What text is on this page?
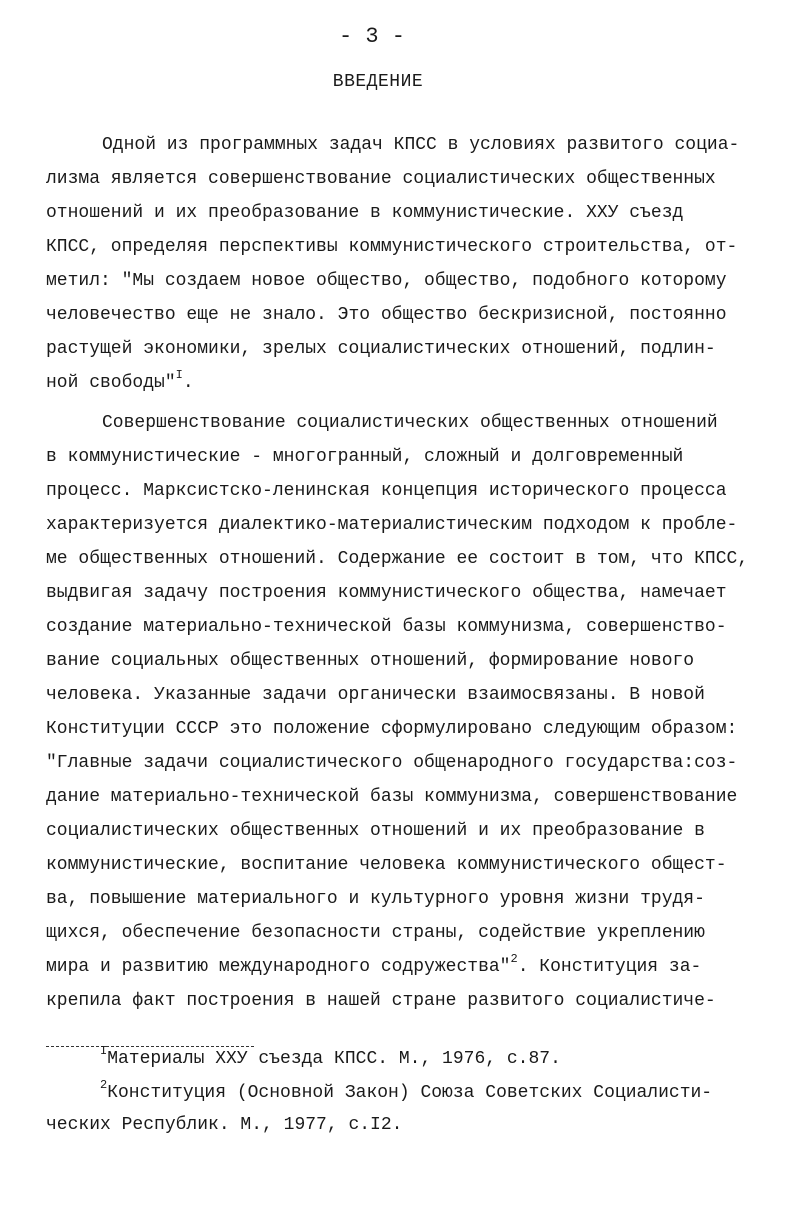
- 3 -
ВВЕДЕНИЕ
Одной из программных задач КПСС в условиях развитого социа-
лизма является совершенствование социалистических общественных
отношений и их преобразование в коммунистические. XXУ съезд
КПСС, определяя перспективы коммунистического строительства, от-
метил: "Мы создаем новое общество, общество, подобного которому
человечество еще не знало. Это общество бескризисной, постоянно
растущей экономики, зрелых социалистических отношений, подлин-
ной свободы"$^I$.
Совершенствование социалистических общественных отношений
в коммунистические - многогранный, сложный и долговременный
процесс. Марксистско-ленинская концепция исторического процесса
характеризуется диалектико-материалистическим подходом к пробле-
ме общественных отношений. Содержание ее состоит в том, что КПСС,
выдвигая задачу построения коммунистического общества, намечает
создание материально-технической базы коммунизма, совершенство-
вание социальных общественных отношений, формирование нового
человека. Указанные задачи органически взаимосвязаны. В новой
Конституции СССР это положение сформулировано следующим образом:
"Главные задачи социалистического общенародного государства:соз-
дание материально-технической базы коммунизма, совершенствование
социалистических общественных отношений и их преобразование в
коммунистические, воспитание человека коммунистического общест-
ва, повышение материального и культурного уровня жизни трудя-
щихся, обеспечение безопасности страны, содействие укреплению
мира и развитию международного содружества"$^2$. Конституция за-
крепила факт построения в нашей стране развитого социалистиче-
$^I$Материалы XXУ съезда КПСС. М., 1976, с.87.
$^2$Конституция (Основной Закон) Союза Советских Социалисти-
ческих Республик. М., 1977, с.I2.
